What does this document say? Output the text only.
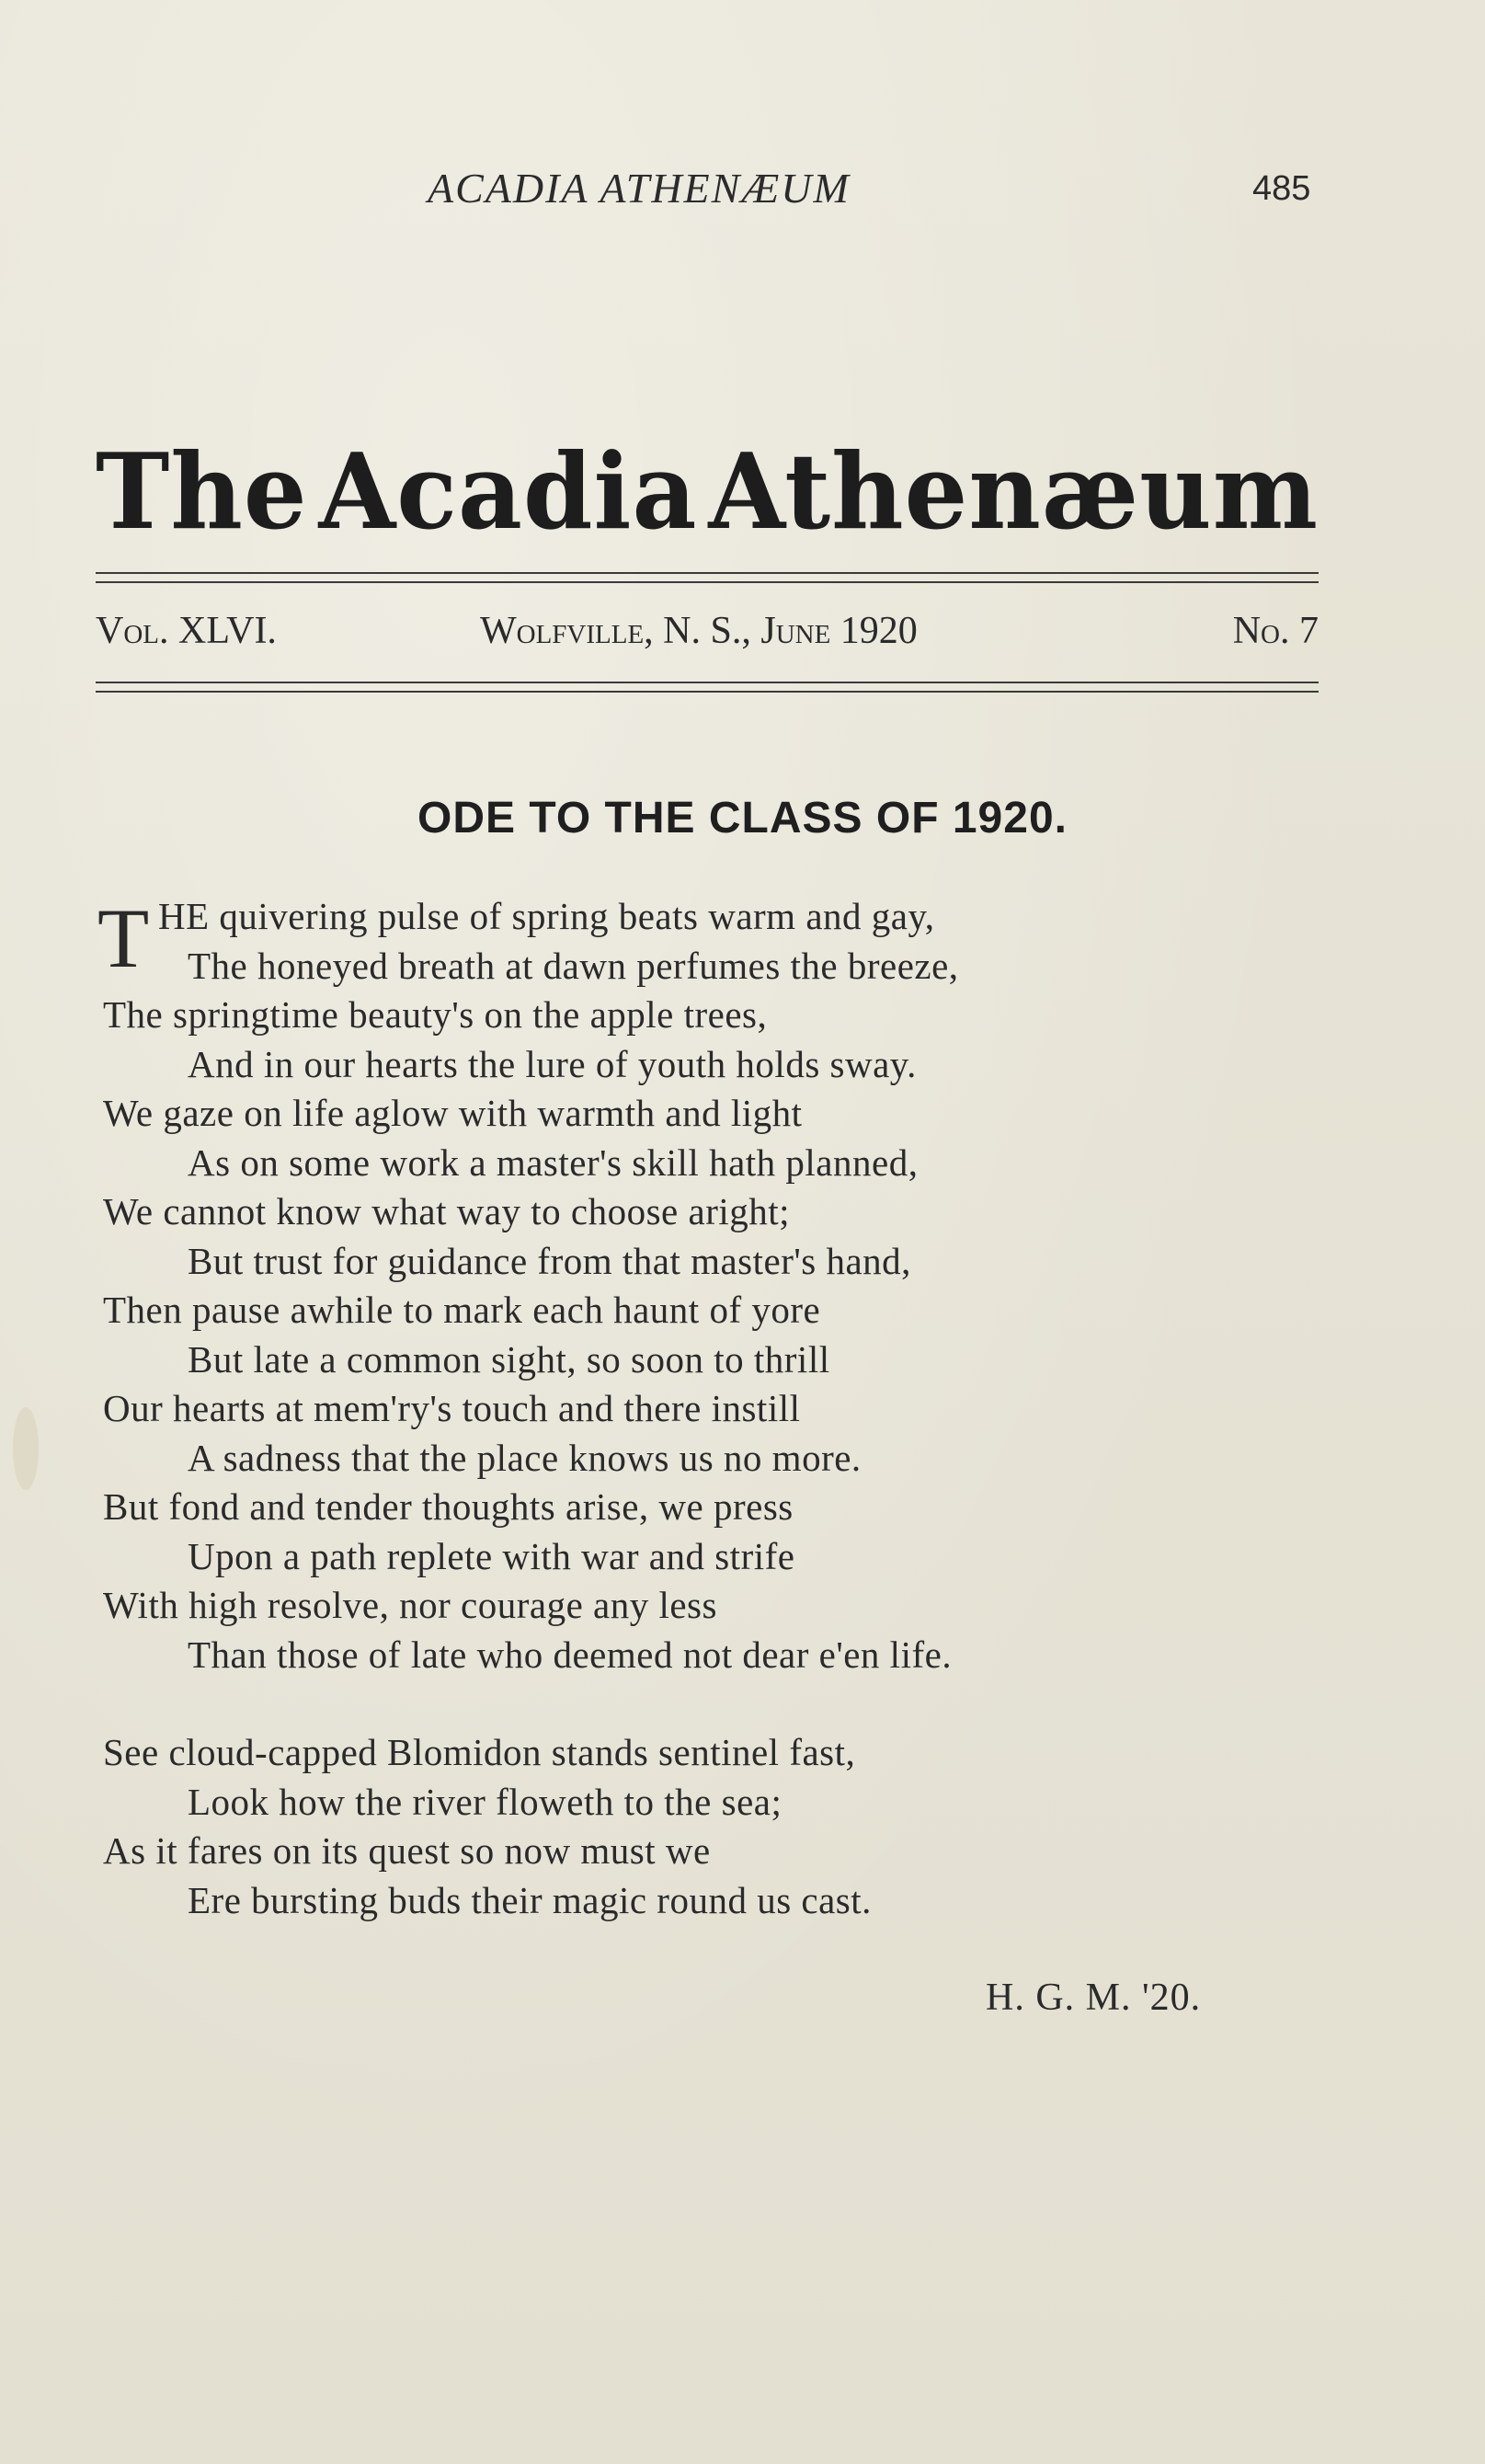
ACADIA ATHENÆUM	485
The Acadia Athenæum
Vol. XLVI.	Wolfville, N. S., June 1920	No. 7
ODE TO THE CLASS OF 1920.
T HE quivering pulse of spring beats warm and gay,
The honeyed breath at dawn perfumes the breeze,
The springtime beauty's on the apple trees,
And in our hearts the lure of youth holds sway.
We gaze on life aglow with warmth and light
As on some work a master's skill hath planned,
We cannot know what way to choose aright;
But trust for guidance from that master's hand,
Then pause awhile to mark each haunt of yore
But late a common sight, so soon to thrill
Our hearts at mem'ry's touch and there instill
A sadness that the place knows us no more.
But fond and tender thoughts arise, we press
Upon a path replete with war and strife
With high resolve, nor courage any less
Than those of late who deemed not dear e'en life.
See cloud-capped Blomidon stands sentinel fast,
Look how the river floweth to the sea;
As it fares on its quest so now must we
Ere bursting buds their magic round us cast.
H. G. M. '20.
